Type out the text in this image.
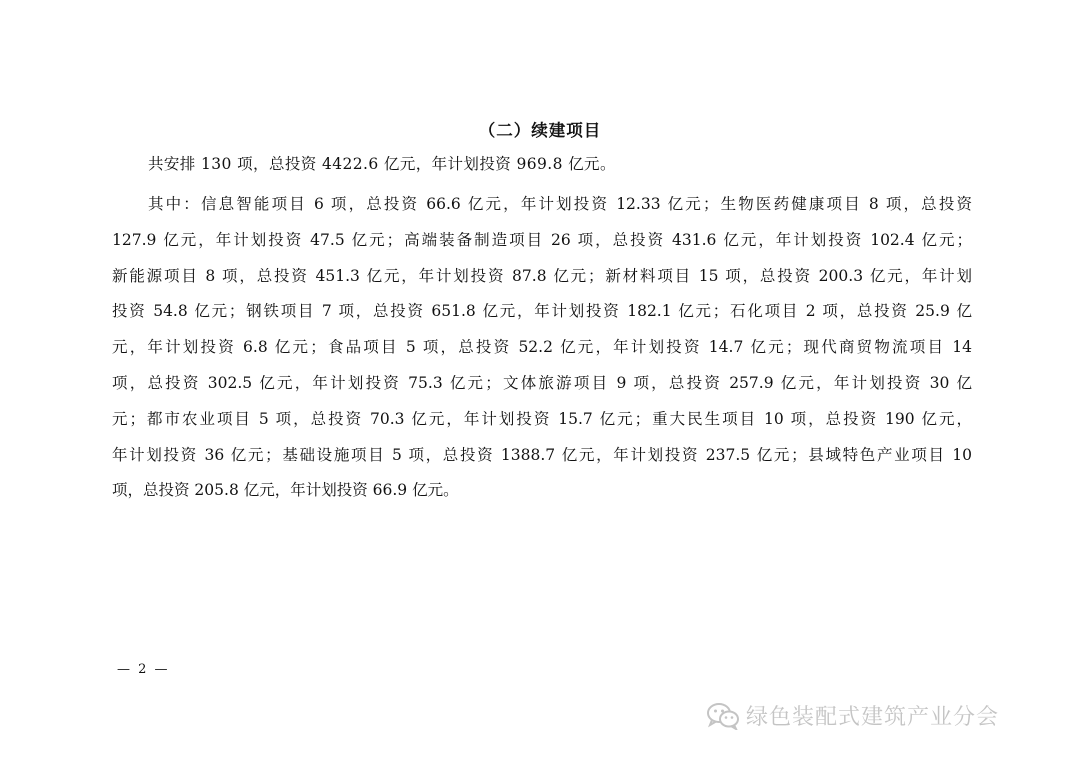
（二）续建项目
共安排 130 项，总投资 4422.6 亿元，年计划投资 969.8 亿元。
其中：信息智能项目 6 项，总投资 66.6 亿元，年计划投资 12.33 亿元；生物医药健康项目 8 项，总投资
127.9 亿元，年计划投资 47.5 亿元；高端装备制造项目 26 项，总投资 431.6 亿元，年计划投资 102.4 亿元；
新能源项目 8 项，总投资 451.3 亿元，年计划投资 87.8 亿元；新材料项目 15 项，总投资 200.3 亿元，年计划
投资 54.8 亿元；钢铁项目 7 项，总投资 651.8 亿元，年计划投资 182.1 亿元；石化项目 2 项，总投资 25.9 亿
元，年计划投资 6.8 亿元；食品项目 5 项，总投资 52.2 亿元，年计划投资 14.7 亿元；现代商贸物流项目 14
项，总投资 302.5 亿元，年计划投资 75.3 亿元；文体旅游项目 9 项，总投资 257.9 亿元，年计划投资 30 亿
元；都市农业项目 5 项，总投资 70.3 亿元，年计划投资 15.7 亿元；重大民生项目 10 项，总投资 190 亿元，
年计划投资 36 亿元；基础设施项目 5 项，总投资 1388.7 亿元，年计划投资 237.5 亿元；县域特色产业项目 10
项，总投资 205.8 亿元，年计划投资 66.9 亿元。
— 2 —
绿色装配式建筑产业分会
